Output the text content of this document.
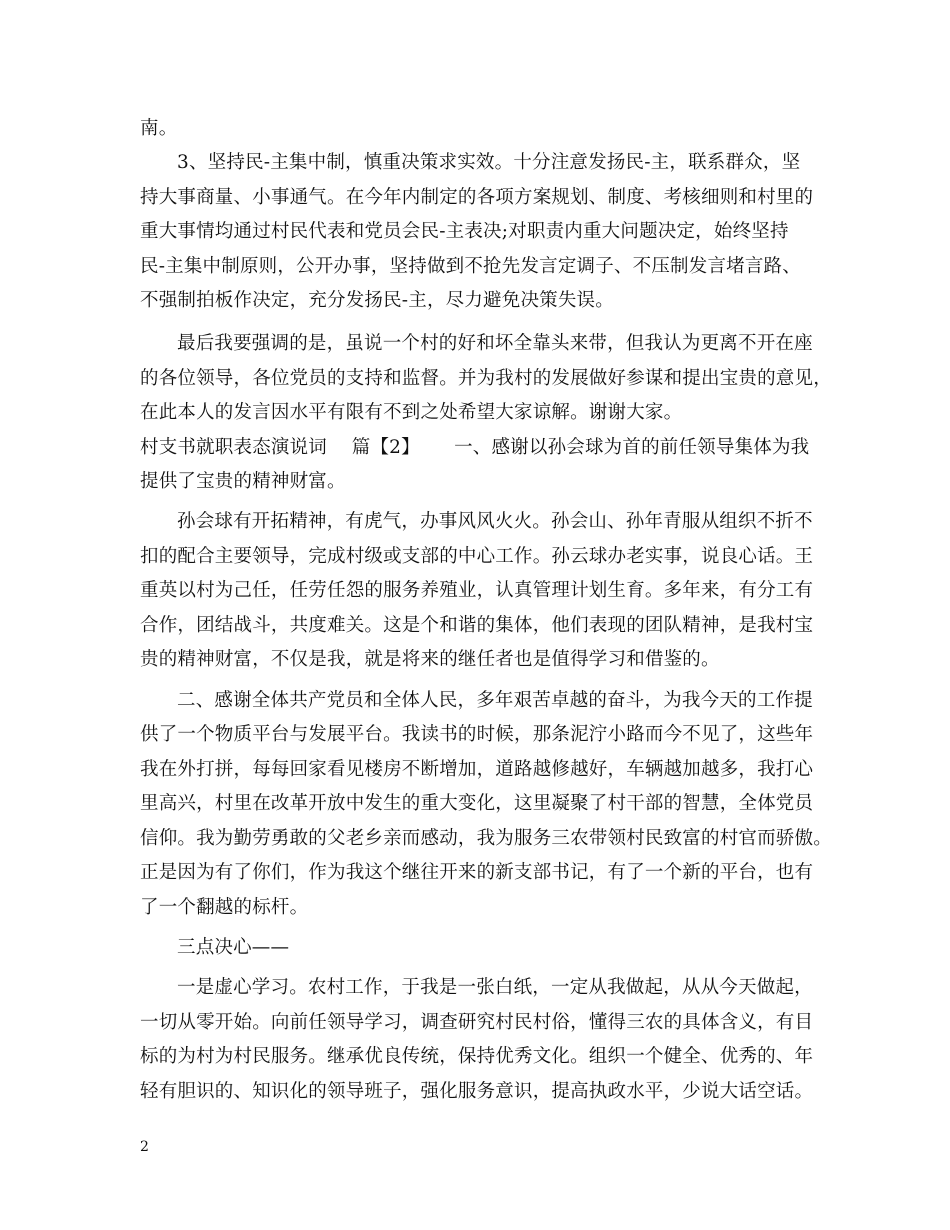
南。
3、坚持民-主集中制，慎重决策求实效。十分注意发扬民-主，联系群众，坚
持大事商量、小事通气。在今年内制定的各项方案规划、制度、考核细则和村里的
重大事情均通过村民代表和党员会民-主表决;对职责内重大问题决定，始终坚持
民-主集中制原则，公开办事，坚持做到不抢先发言定调子、不压制发言堵言路、
不强制拍板作决定，充分发扬民-主，尽力避免决策失误。
最后我要强调的是，虽说一个村的好和坏全靠头来带，但我认为更离不开在座
的各位领导，各位党员的支持和监督。并为我村的发展做好参谋和提出宝贵的意见，
在此本人的发言因水平有限有不到之处希望大家谅解。谢谢大家。
村支书就职表态演说词　 篇【2】　　 一、感谢以孙会球为首的前任领导集体为我
提供了宝贵的精神财富。
孙会球有开拓精神，有虎气，办事风风火火。孙会山、孙年青服从组织不折不
扣的配合主要领导，完成村级或支部的中心工作。孙云球办老实事，说良心话。王
重英以村为己任，任劳任怨的服务养殖业，认真管理计划生育。多年来，有分工有
合作，团结战斗，共度难关。这是个和谐的集体，他们表现的团队精神，是我村宝
贵的精神财富，不仅是我，就是将来的继任者也是值得学习和借鉴的。
二、感谢全体共产党员和全体人民，多年艰苦卓越的奋斗，为我今天的工作提
供了一个物质平台与发展平台。我读书的时候，那条泥泞小路而今不见了，这些年
我在外打拼，每每回家看见楼房不断增加，道路越修越好，车辆越加越多，我打心
里高兴，村里在改革开放中发生的重大变化，这里凝聚了村干部的智慧，全体党员
信仰。我为勤劳勇敢的父老乡亲而感动，我为服务三农带领村民致富的村官而骄傲。
正是因为有了你们，作为我这个继往开来的新支部书记，有了一个新的平台，也有
了一个翻越的标杆。
三点决心——
一是虚心学习。农村工作，于我是一张白纸，一定从我做起，从从今天做起，
一切从零开始。向前任领导学习，调查研究村民村俗，懂得三农的具体含义，有目
标的为村为村民服务。继承优良传统，保持优秀文化。组织一个健全、优秀的、年
轻有胆识的、知识化的领导班子，强化服务意识，提高执政水平，少说大话空话。
2
